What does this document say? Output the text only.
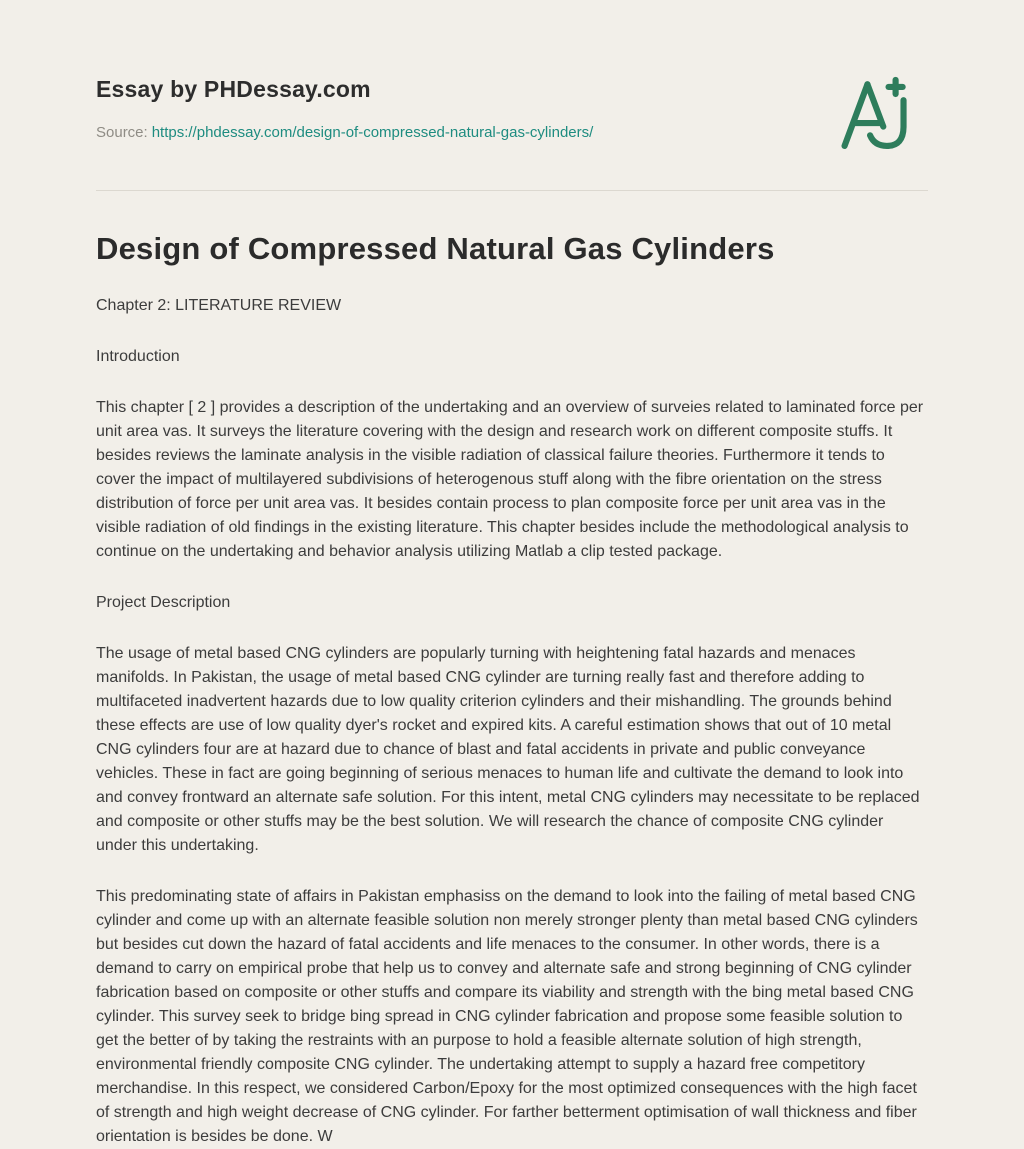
Essay by PHDessay.com
Source: https://phdessay.com/design-of-compressed-natural-gas-cylinders/
Design of Compressed Natural Gas Cylinders

Chapter 2: LITERATURE REVIEW

Introduction

This chapter [ 2 ] provides a description of the undertaking and an overview of surveies related to laminated force per unit area vas. It surveys the literature covering with the design and research work on different composite stuffs. It besides reviews the laminate analysis in the visible radiation of classical failure theories. Furthermore it tends to cover the impact of multilayered subdivisions of heterogenous stuff along with the fibre orientation on the stress distribution of force per unit area vas. It besides contain process to plan composite force per unit area vas in the visible radiation of old findings in the existing literature. This chapter besides include the methodological analysis to continue on the undertaking and behavior analysis utilizing Matlab a clip tested package.

Project Description

The usage of metal based CNG cylinders are popularly turning with heightening fatal hazards and menaces manifolds. In Pakistan, the usage of metal based CNG cylinder are turning really fast and therefore adding to multifaceted inadvertent hazards due to low quality criterion cylinders and their mishandling. The grounds behind these effects are use of low quality dyer's rocket and expired kits. A careful estimation shows that out of 10 metal CNG cylinders four are at hazard due to chance of blast and fatal accidents in private and public conveyance vehicles. These in fact are going beginning of serious menaces to human life and cultivate the demand to look into and convey frontward an alternate safe solution. For this intent, metal CNG cylinders may necessitate to be replaced and composite or other stuffs may be the best solution. We will research the chance of composite CNG cylinder under this undertaking.

This predominating state of affairs in Pakistan emphasiss on the demand to look into the failing of metal based CNG cylinder and come up with an alternate feasible solution non merely stronger plenty than metal based CNG cylinders but besides cut down the hazard of fatal accidents and life menaces to the consumer. In other words, there is a demand to carry on empirical probe that help us to convey and alternate safe and strong beginning of CNG cylinder fabrication based on composite or other stuffs and compare its viability and strength with the bing metal based CNG cylinder. This survey seek to bridge bing spread in CNG cylinder fabrication and propose some feasible solution to get the better of by taking the restraints with an purpose to hold a feasible alternate solution of high strength, environmental friendly composite CNG cylinder. The undertaking attempt to supply a hazard free competitory merchandise. In this respect, we considered Carbon/Epoxy for the most optimized consequences with the high facet of strength and high weight decrease of CNG cylinder. For farther betterment optimisation of wall thickness and fiber orientation is besides be done. W
